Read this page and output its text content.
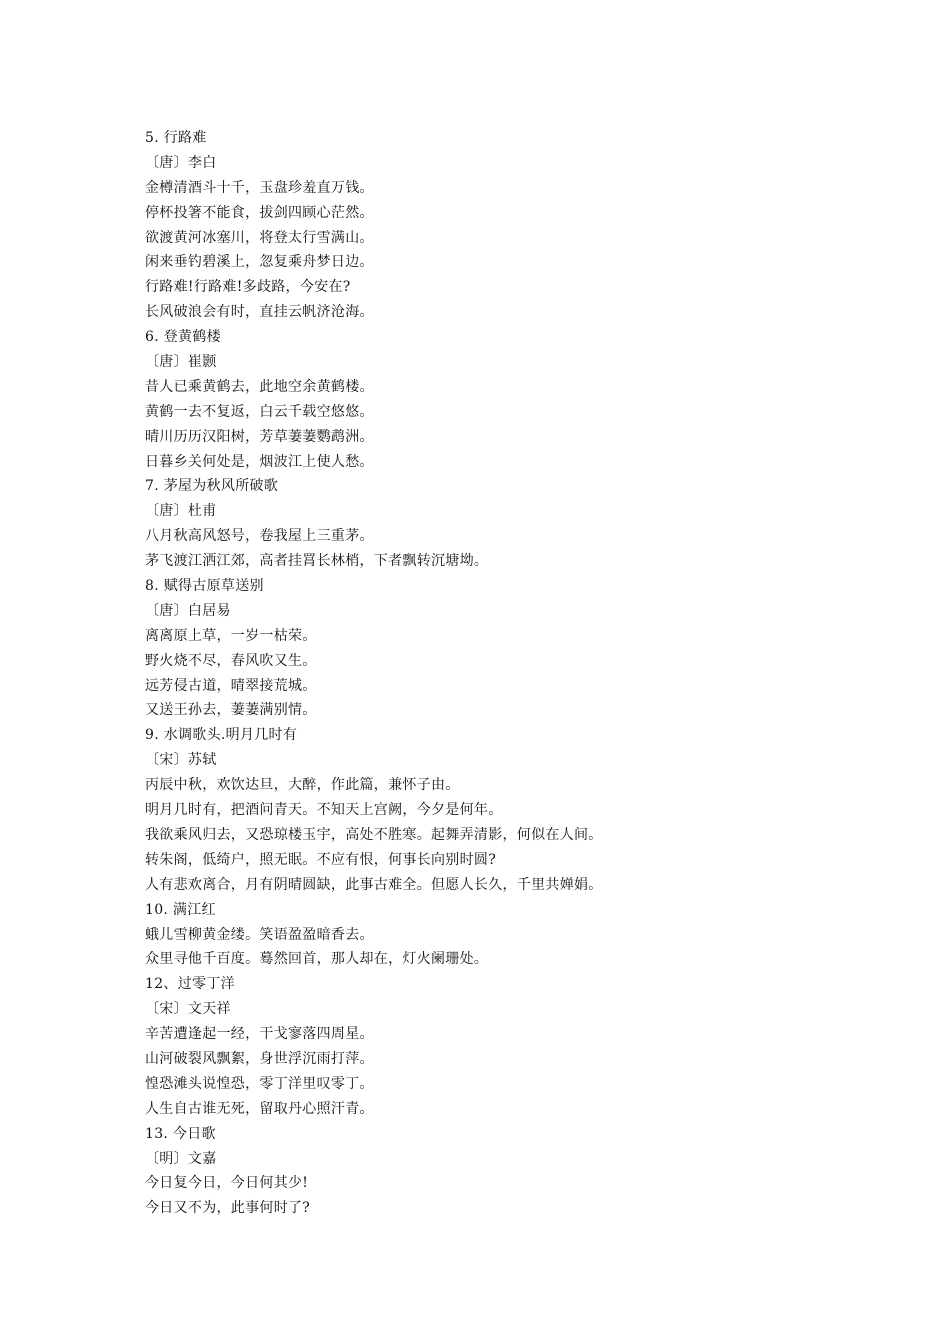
5. 行路难
〔唐〕李白
金樽清酒斗十千，玉盘珍羞直万钱。
停杯投箸不能食，拔剑四顾心茫然。
欲渡黄河冰塞川，将登太行雪满山。
闲来垂钓碧溪上，忽复乘舟梦日边。
行路难!行路难!多歧路，今安在?
长风破浪会有时，直挂云帆济沧海。
6. 登黄鹤楼
〔唐〕崔颢
昔人已乘黄鹤去，此地空余黄鹤楼。
黄鹤一去不复返，白云千载空悠悠。
晴川历历汉阳树，芳草萋萋鹦鹉洲。
日暮乡关何处是，烟波江上使人愁。
7. 茅屋为秋风所破歌
〔唐〕杜甫
八月秋高风怒号，卷我屋上三重茅。
茅飞渡江洒江郊，高者挂罥长林梢，下者飘转沉塘坳。
8. 赋得古原草送别
〔唐〕白居易
离离原上草，一岁一枯荣。
野火烧不尽，春风吹又生。
远芳侵古道，晴翠接荒城。
又送王孙去，萋萋满别情。
9. 水调歌头.明月几时有
〔宋〕苏轼
丙辰中秋，欢饮达旦，大醉，作此篇，兼怀子由。
明月几时有，把酒问青天。不知天上宫阙，今夕是何年。
我欲乘风归去，又恐琼楼玉宇，高处不胜寒。起舞弄清影，何似在人间。
转朱阁，低绮户，照无眠。不应有恨，何事长向别时圆?
人有悲欢离合，月有阴晴圆缺，此事古难全。但愿人长久，千里共婵娟。
10. 满江红
蛾儿雪柳黄金缕。笑语盈盈暗香去。
众里寻他千百度。蓦然回首，那人却在，灯火阑珊处。
12、过零丁洋
〔宋〕文天祥
辛苦遭逢起一经，干戈寥落四周星。
山河破裂风飘絮，身世浮沉雨打萍。
惶恐滩头说惶恐，零丁洋里叹零丁。
人生自古谁无死，留取丹心照汗青。
13. 今日歌
〔明〕文嘉
今日复今日，今日何其少!
今日又不为，此事何时了?
